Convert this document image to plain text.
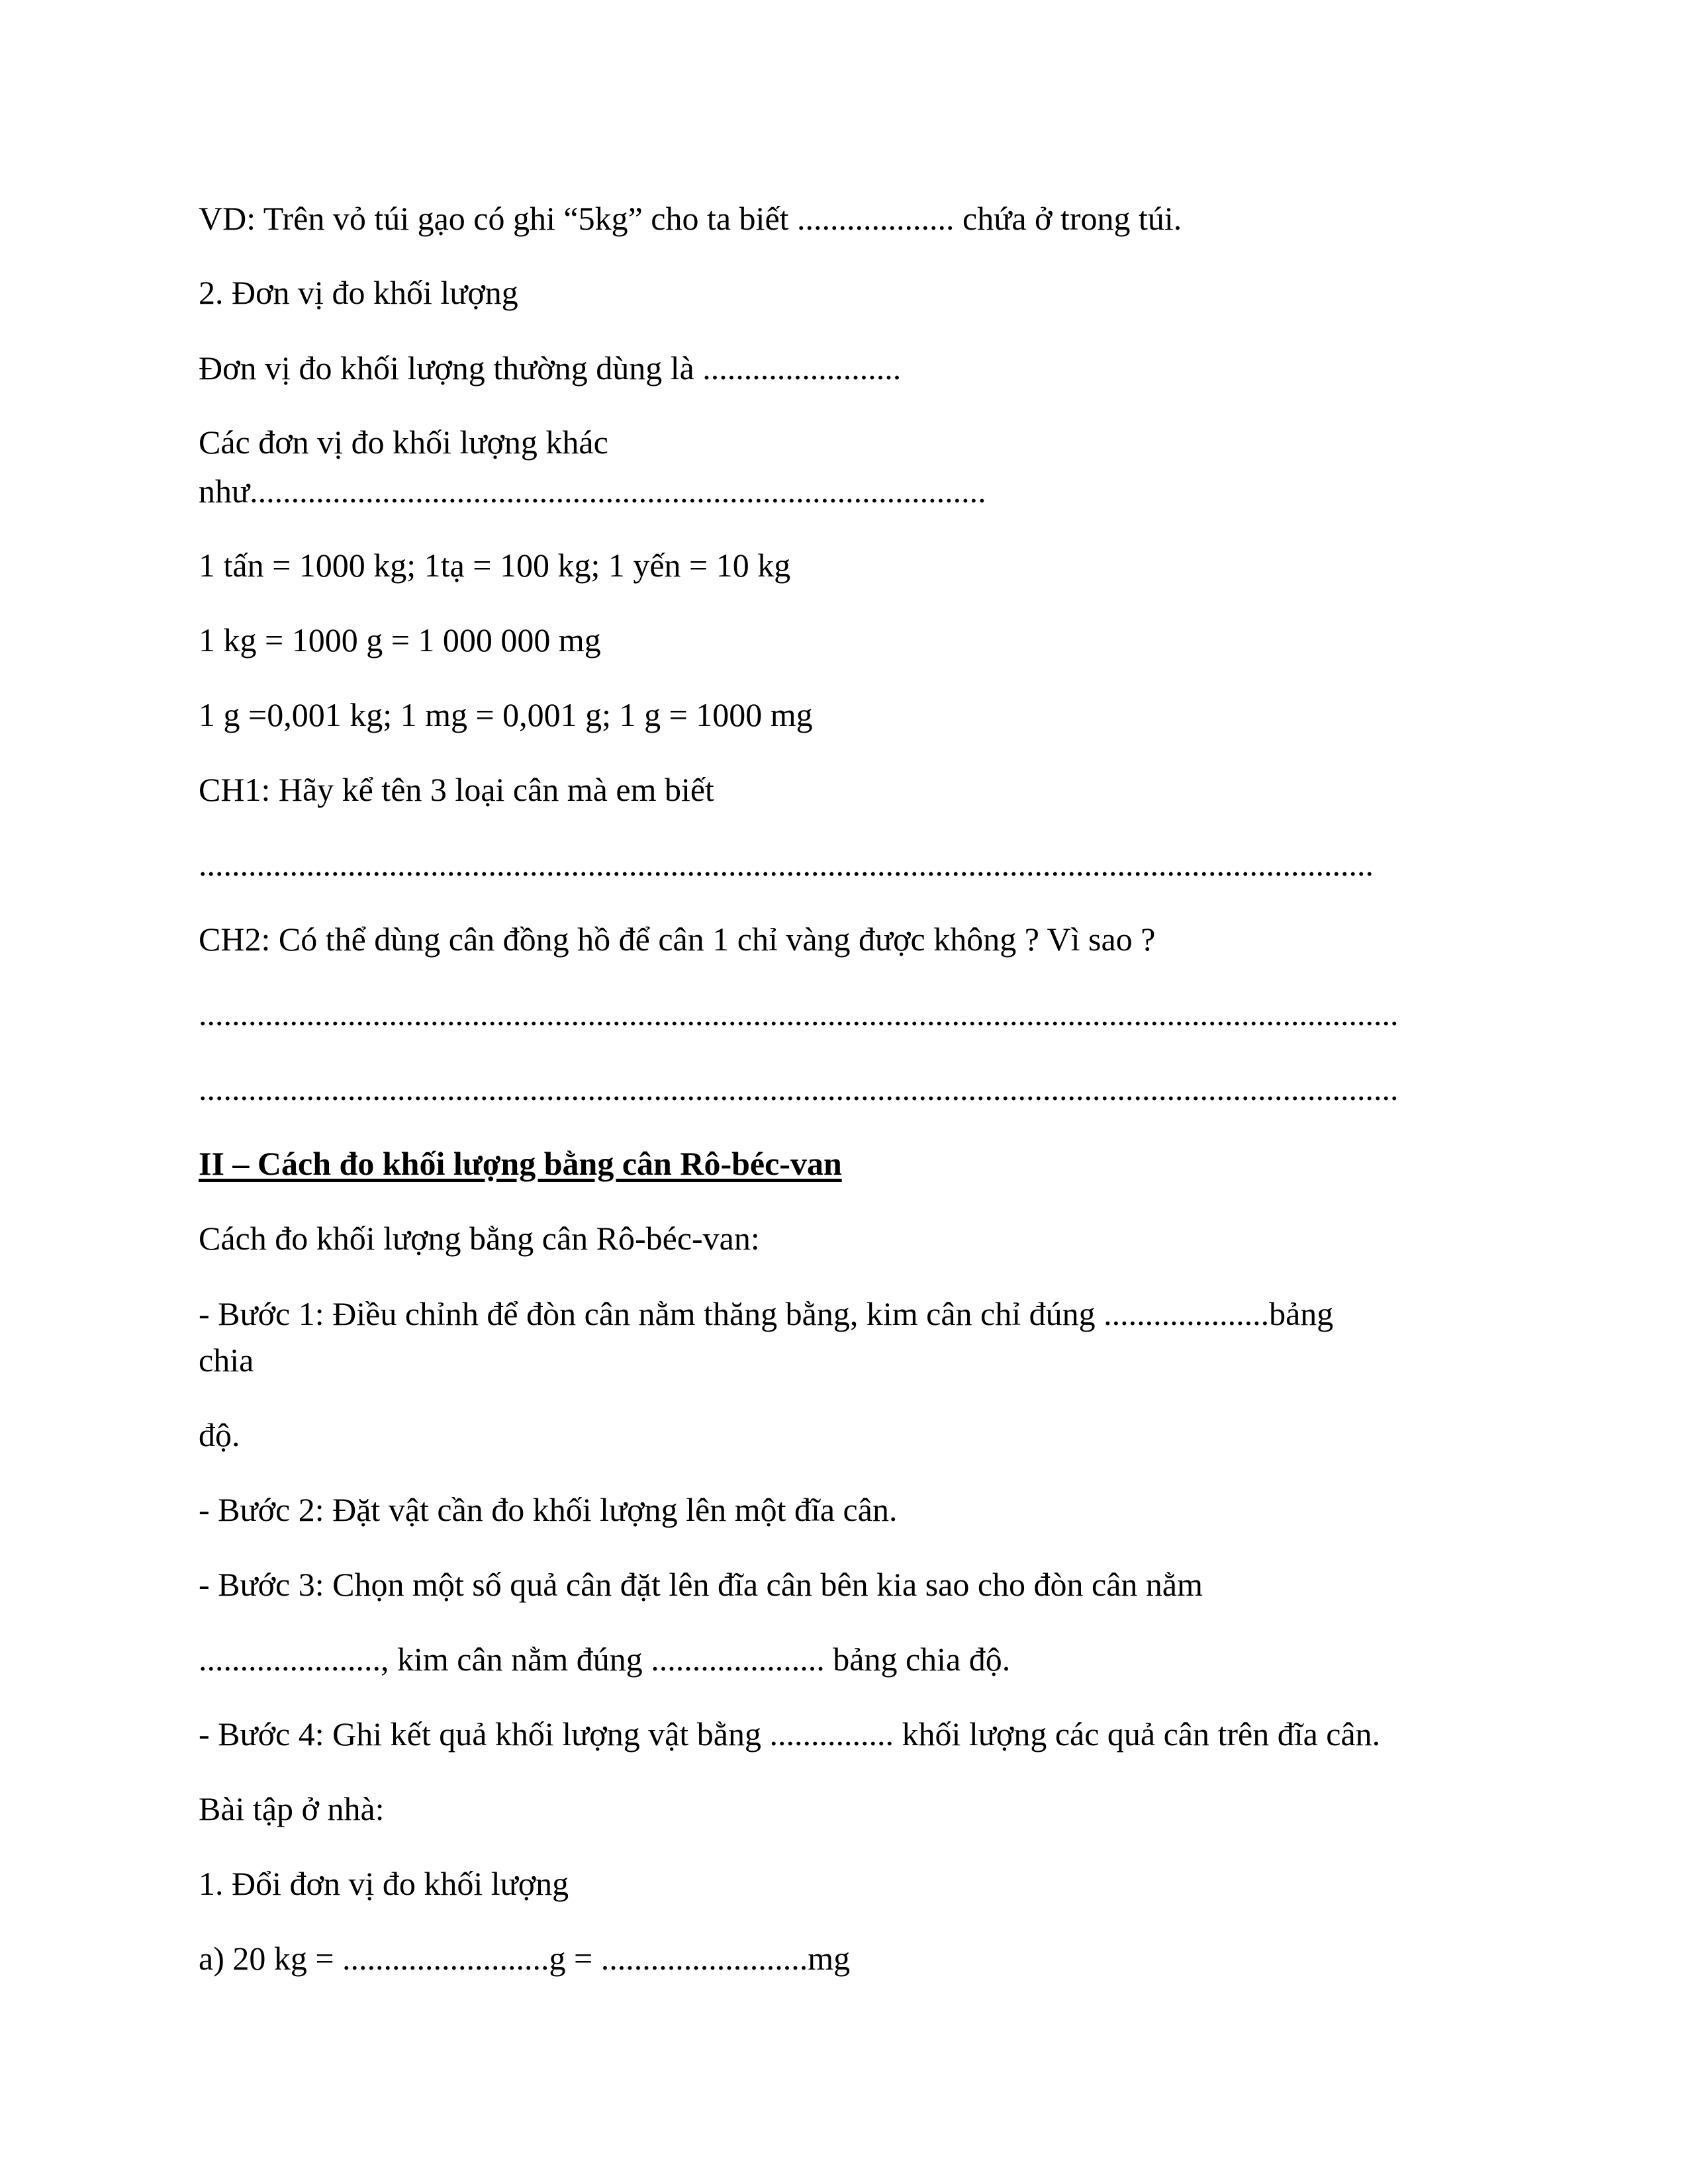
VD: Trên vỏ túi gạo có ghi “5kg” cho ta biết ................... chứa ở trong túi.

2. Đơn vị đo khối lượng

Đơn vị đo khối lượng thường dùng là ........................

Các đơn vị đo khối lượng khác

như.........................................................................................

1 tấn = 1000 kg; 1tạ = 100 kg; 1 yến = 10 kg

1 kg = 1000 g = 1 000 000 mg

1 g =0,001 kg; 1 mg = 0,001 g; 1 g = 1000 mg

CH1: Hãy kể tên 3 loại cân mà em biết

..............................................................................................................................................

CH2: Có thể dùng cân đồng hồ để cân 1 chỉ vàng được không ? Vì sao ?

.................................................................................................................................................

.................................................................................................................................................

II – Cách đo khối lượng bằng cân Rô-béc-van

Cách đo khối lượng bằng cân Rô-béc-van:

- Bước 1: Điều chỉnh để đòn cân nằm thăng bằng, kim cân chỉ đúng ....................bảng

chia

độ.

- Bước 2: Đặt vật cần đo khối lượng lên một đĩa cân.

- Bước 3: Chọn một số quả cân đặt lên đĩa cân bên kia sao cho đòn cân nằm

......................, kim cân nằm đúng ..................... bảng chia độ.

- Bước 4: Ghi kết quả khối lượng vật bằng ............... khối lượng các quả cân trên đĩa cân.

Bài tập ở nhà:

1. Đổi đơn vị đo khối lượng

a) 20 kg = .........................g = .........................mg
